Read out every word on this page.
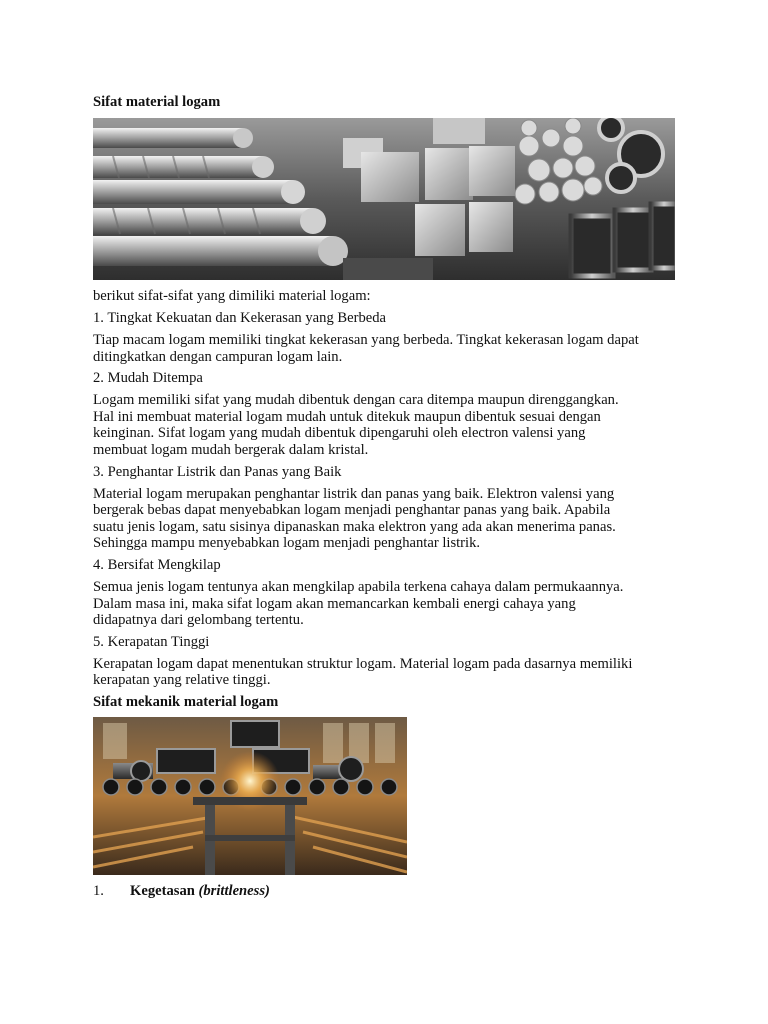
Sifat material logam
berikut sifat-sifat yang dimiliki material logam:
1. Tingkat Kekuatan dan Kekerasan yang Berbeda

Tiap macam logam memiliki tingkat kekerasan yang berbeda. Tingkat kekerasan logam dapat
ditingkatkan dengan campuran logam lain.

2. Mudah Ditempa

Logam memiliki sifat yang mudah dibentuk dengan cara ditempa maupun direnggangkan.
Hal ini membuat material logam mudah untuk ditekuk maupun dibentuk sesuai dengan
keinginan. Sifat logam yang mudah dibentuk dipengaruhi oleh electron valensi yang
membuat logam mudah bergerak dalam kristal.

3. Penghantar Listrik dan Panas yang Baik

Material logam merupakan penghantar listrik dan panas yang baik. Elektron valensi yang
bergerak bebas dapat menyebabkan logam menjadi penghantar panas yang baik. Apabila
suatu jenis logam, satu sisinya dipanaskan maka elektron yang ada akan menerima panas.
Sehingga mampu menyebabkan logam menjadi penghantar listrik.

4. Bersifat Mengkilap

Semua jenis logam tentunya akan mengkilap apabila terkena cahaya dalam permukaannya.
Dalam masa ini, maka sifat logam akan memancarkan kembali energi cahaya yang
didapatnya dari gelombang tertentu.

5. Kerapatan Tinggi

Kerapatan logam dapat menentukan struktur logam. Material logam pada dasarnya memiliki
kerapatan yang relative tinggi.

Sifat mekanik material logam
1.	Kegetasan (brittleness)
